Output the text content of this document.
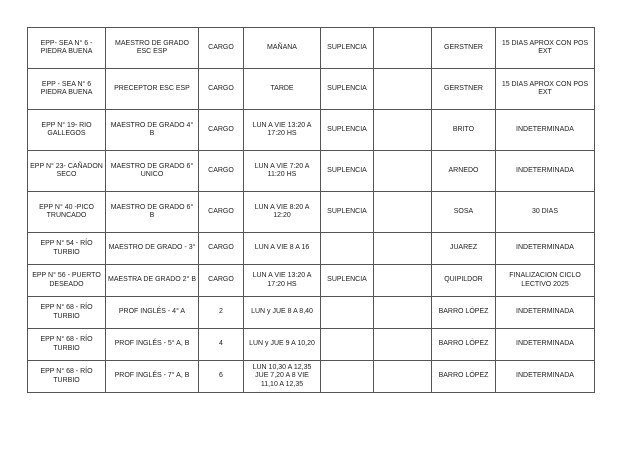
EPP- SEA N° 6 - PIEDRA BUENA	MAESTRO DE GRADO ESC ESP	CARGO	MAÑANA	SUPLENCIA		GERSTNER	15 DIAS APROX CON POS EXT
EPP - SEA N° 6 PIEDRA BUENA	PRECEPTOR ESC ESP	CARGO	TARDE	SUPLENCIA		GERSTNER	15 DIAS APROX CON POS EXT
EPP N° 19- RIO GALLEGOS	MAESTRO DE GRADO 4° B	CARGO	LUN A VIE 13:20 A 17:20 HS	SUPLENCIA		BRITO	INDETERMINADA
EPP N° 23- CAÑADON SECO	MAESTRO DE GRADO 6° UNICO	CARGO	LUN A VIE 7:20 A 11:20 HS	SUPLENCIA		ARNEDO	INDETERMINADA
EPP N° 40 -PICO TRUNCADO	MAESTRO DE GRADO 6° B	CARGO	LUN A VIE 8:20 A 12:20	SUPLENCIA		SOSA	30 DIAS
EPP N° 54 - RÍO TURBIO	MAESTRO DE GRADO - 3°	CARGO	LUN A VIE 8 A 16			JUAREZ	INDETERMINADA
EPP N° 56 - PUERTO DESEADO	MAESTRA DE GRADO 2° B	CARGO	LUN A VIE 13:20 A 17:20 HS	SUPLENCIA		QUIPILDOR	FINALIZACION CICLO LECTIVO 2025
EPP N° 68 - RÍO TURBIO	PROF INGLÉS - 4° A	2	LUN y JUE 8 A 8,40			BARRO LÓPEZ	INDETERMINADA
EPP N° 68 - RÍO TURBIO	PROF INGLÉS - 5° A, B	4	LUN y JUE 9 A 10,20			BARRO LÓPEZ	INDETERMINADA
EPP N° 68 - RÍO TURBIO	PROF INGLÉS - 7° A, B	6	LUN 10,30 A 12,35 JUE 7,20 A 8 VIE 11,10 A 12,35			BARRO LÓPEZ	INDETERMINADA
